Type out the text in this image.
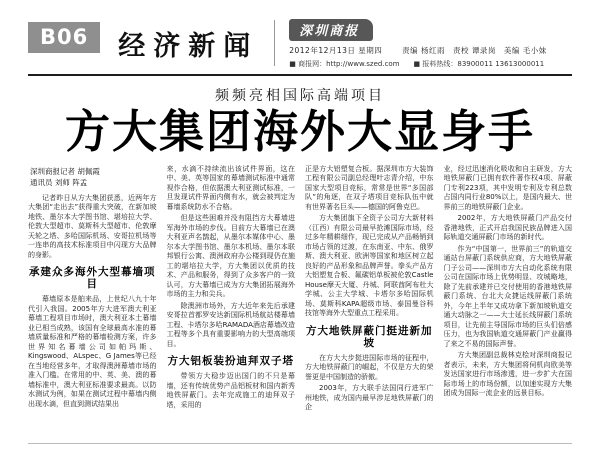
B06	经济新闻	深圳商报
2012年12月13日 星期四	责编 杨红雨　责校 谭录岗　美编 毛小妹
■ 商报网：http://www.szed.com　　■ 报料热线：83900011 13613000011
频频亮相国际高端项目
方大集团海外大显身手
深圳商报记者 胡佩霞
通讯员 刘师 阵孟

记者昨日从方大集团获悉，近两年方大集团“走出去”获得重大突破，在新加坡地铁、墨尔本大学图书馆、堪培拉大学、伦敦大型超市、莫斯科大型超市、伦敦摩天轮之塔、多哈国际机场、安哥拉机场等一连串的高技术标准项目中闪现方大品牌的身影。

承建众多海外大型幕墙项目

幕墙原本是舶来品，上世纪八九十年代引入我国。2005年方大进军澳大利亚幕墙工程项目市场时，澳大利亚本土幕墙业已相当成熟，该国有全球最高水准的幕墙质量标准和严格的幕墙检测方案，许多世界知名幕墙公司如帕玛斯、Kingswood、ALspec、G James等已经在当地经营多年，才取得澳洲幕墙市场的准入门槛。在常用的中、英、美、澳的幕墙标准中，澳大利亚标准要求最高。以防水测试为例，如果在测试过程中幕墙内侧出现水滴，但直到测试结果出

来，水滴不持续流出该试件界面，这在中、美、英等国家的幕墙测试标准中通常视作合格，但依据澳大利亚测试标准，一旦发现试件界面内侧有水，就会被判定为幕墙系统防水不合格。

但是这些困难并没有阻挡方大幕墙进军海外市场的步伐。目前方大幕墙已在澳大利亚声名鹊起，从墨尔本媒体中心、墨尔本大学图书馆、墨尔本机场、墨尔本联邦银行公寓、澳洲政府办公楼到现仍在施工的堪培拉大学，方大集团以优质的技术、产品和服务，得到了众多客户的一致认可，方大幕墙已成为方大集团拓展海外市场的主力和尖兵。

除澳洲市场外，方大近年来先后承建安哥拉首都罗安达新国际机场航站楼幕墙工程、卡塔尔多哈RAMADA酒店幕墙改造工程等多个具有重要影响力的大型高端项目。

方大铝板装扮迪拜双子塔

带领方大稳步迈出国门的不只是幕墙，还有传统优势产品铝板材和国内新秀地铁屏蔽门。去年完成施工的迪拜双子塔，采用的

正是方大铝塑复合板。据深圳市方大装饰工程有限公司副总经理叶志青介绍，中东国家大型项目竞标，常常是世界“多国部队”的角逐，在双子塔项目竞标队伍中就有世界著名巨头——德国的阿鲁克巴。

方大集团旗下全资子公司方大新材料（江西）有限公司最早抢滩国际市场，经过多年精耕细作，现已完成从产品畅销到市场占领的过渡，在东南亚、中东、俄罗斯、澳大利亚、欧洲等国家和地区树立起良好的产品形象和品牌声誉。拳头产品方大铝塑复合板、氟碳铝单板被伦敦Castle House摩天大厦、丹城、阿联酋阿布杜大学城、公主大学城、卡塔尔多哈国际机场、莫斯科KAPA超级市场、泰国曼谷科技馆等海外大型重点工程采用。

方大地铁屏蔽门挺进新加坡

在方大大步挺进国际市场的征程中，方大地铁屏蔽门的崛起，不仅是方大的荣誉更是中国制造的骄傲。

2003年，方大联手法国同行进军广州地铁，成为国内最早涉足地铁屏蔽门的企

业，经过迅速消化吸收和自主研发，方大地铁屏蔽门已拥有软件著作权4项、屏蔽门专利223项，其中发明专利及专利总数占国内同行业80%以上，是国内最大、世界前三的地铁屏蔽门企业。

2002年，方大地铁屏蔽门产品交付香港地铁，正式开启我国民族品牌进入国际轨道交通屏蔽门市场的新时代。

作为“中国第一，世界前三”的轨道交通站台屏蔽门系统供应商，方大地铁屏蔽门子公司——深圳市方大自动化系统有限公司在国际市场上优势明显、攻城略地，除了先前承建并已交付使用的香港地铁屏蔽门系统、台北大众捷运线屏蔽门系统外，今年上半年又成功拿下新加坡轨道交通大动脉之一——大士延长线屏蔽门系统项目，让先前主导国际市场的巨头们倍感压力，也为我国轨道交通屏蔽门产业赢得了来之不易的国际声誉。

方大集团副总裁林克桧对深圳商报记者表示，未来，方大集团将伺机向欧美等发达国家进行市场渗透，进一步扩大在国际市场上的市场份额，以加速实现方大集团成为国际一流企业的远景目标。
